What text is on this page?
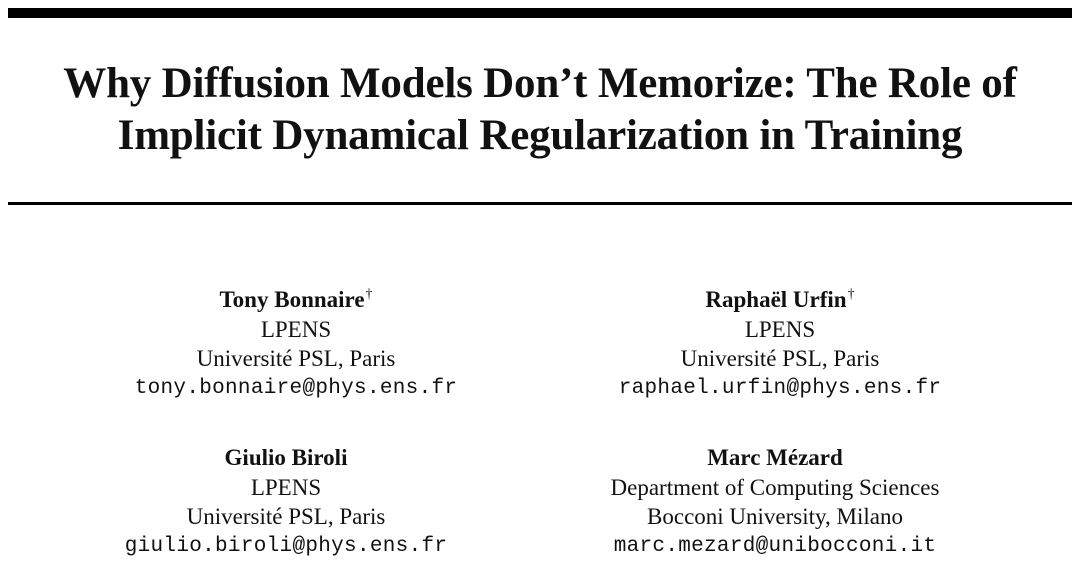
Why Diffusion Models Don’t Memorize: The Role of
Implicit Dynamical Regularization in Training
Tony Bonnaire†
LPENS
Université PSL, Paris
tony.bonnaire@phys.ens.fr
Raphaël Urfin†
LPENS
Université PSL, Paris
raphael.urfin@phys.ens.fr
Giulio Biroli
LPENS
Université PSL, Paris
giulio.biroli@phys.ens.fr
Marc Mézard
Department of Computing Sciences
Bocconi University, Milano
marc.mezard@unibocconi.it
